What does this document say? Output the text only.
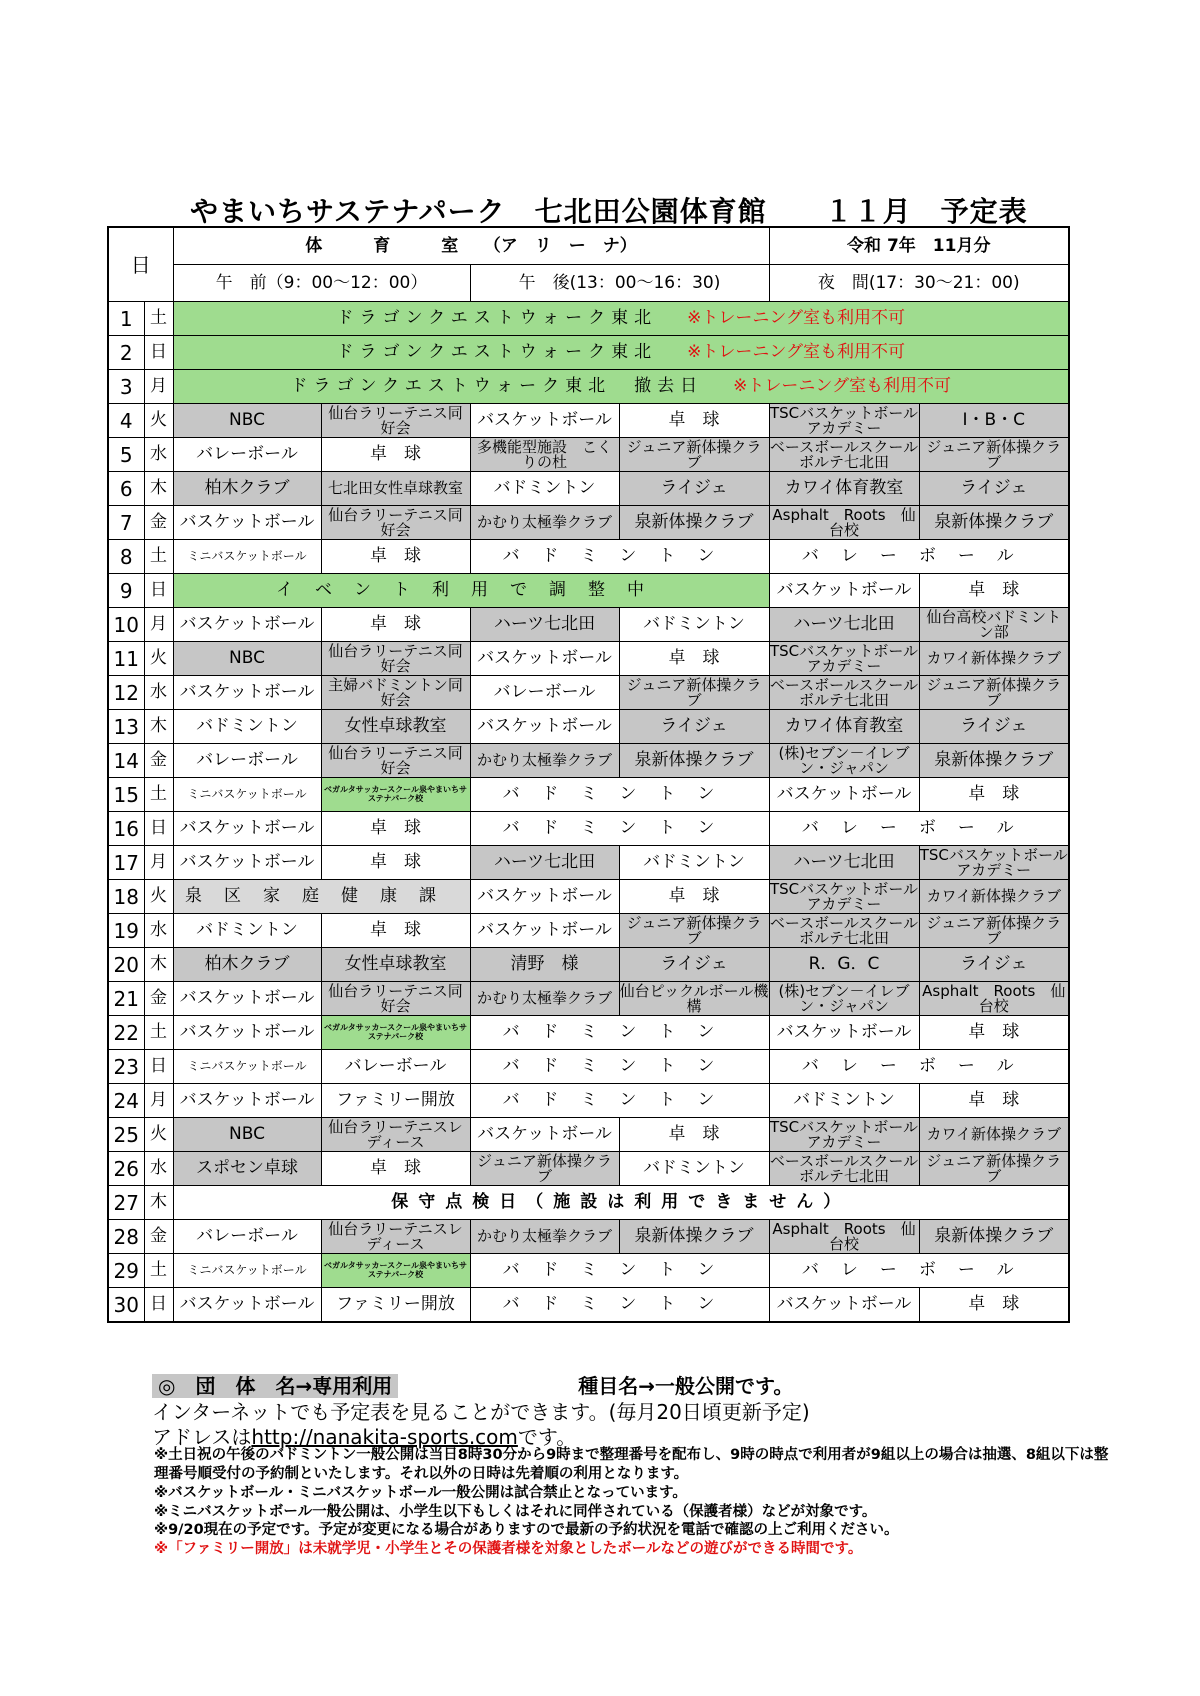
やまいちサステナパーク　七北田公園体育館　　１１月　予定表
日		体　　　育　　　室　　（ア　リ　ー　ナ）				令和 7年　11月分	
		午　前（9：00～12：00）		午　後(13：00～16：30)		夜　間(17：30～21：00)	
1	土	ドラゴンクエストウォーク東北 ※トレーニング室も利用不可					
2	日	ドラゴンクエストウォーク東北 ※トレーニング室も利用不可					
3	月	ドラゴンクエストウォーク東北　撤去日 ※トレーニング室も利用不可					
4	火	NBC	仙台ラリーテニス同好会	バスケットボール	卓　球	TSCバスケットボールアカデミー	I・B・C
5	水	バレーボール	卓　球	多機能型施設　こくりの杜	ジュニア新体操クラブ	ベースボールスクールボルテ七北田	ジュニア新体操クラブ
6	木	柏木クラブ	七北田女性卓球教室	バドミントン	ライジェ	カワイ体育教室	ライジェ
7	金	バスケットボール	仙台ラリーテニス同好会	かむり太極拳クラブ	泉新体操クラブ	Asphalt　Roots　仙台校	泉新体操クラブ
8	土	ミニバスケットボール	卓　球	バドミントン		バレーボール	
9	日	イベント利用で調整中				バスケットボール	卓　球
10	月	バスケットボール	卓　球	ハーツ七北田	バドミントン	ハーツ七北田	仙台高校バドミントン部
11	火	NBC	仙台ラリーテニス同好会	バスケットボール	卓　球	TSCバスケットボールアカデミー	カワイ新体操クラブ
12	水	バスケットボール	主婦バドミントン同好会	バレーボール	ジュニア新体操クラブ	ベースボールスクールボルテ七北田	ジュニア新体操クラブ
13	木	バドミントン	女性卓球教室	バスケットボール	ライジェ	カワイ体育教室	ライジェ
14	金	バレーボール	仙台ラリーテニス同好会	かむり太極拳クラブ	泉新体操クラブ	(株)セブン－イレブン・ジャパン	泉新体操クラブ
15	土	ミニバスケットボール	ベガルタサッカースクール泉やまいちサステナパーク校	バドミントン		バスケットボール	卓　球
16	日	バスケットボール	卓　球	バドミントン		バレーボール	
17	月	バスケットボール	卓　球	ハーツ七北田	バドミントン	ハーツ七北田	TSCバスケットボールアカデミー
18	火	泉区家庭健康課		バスケットボール	卓　球	TSCバスケットボールアカデミー	カワイ新体操クラブ
19	水	バドミントン	卓　球	バスケットボール	ジュニア新体操クラブ	ベースボールスクールボルテ七北田	ジュニア新体操クラブ
20	木	柏木クラブ	女性卓球教室	清野　様	ライジェ	R．G．C	ライジェ
21	金	バスケットボール	仙台ラリーテニス同好会	かむり太極拳クラブ	仙台ピックルボール機構	(株)セブン－イレブン・ジャパン	Asphalt　Roots　仙台校
22	土	バスケットボール	ベガルタサッカースクール泉やまいちサステナパーク校	バドミントン		バスケットボール	卓　球
23	日	ミニバスケットボール	バレーボール	バドミントン		バレーボール	
24	月	バスケットボール	ファミリー開放	バドミントン		バドミントン	卓　球
25	火	NBC	仙台ラリーテニスレディース	バスケットボール	卓　球	TSCバスケットボールアカデミー	カワイ新体操クラブ
26	水	スポセン卓球	卓　球	ジュニア新体操クラブ	バドミントン	ベースボールスクールボルテ七北田	ジュニア新体操クラブ
27	木	保守点検日（施設は利用できません）					
28	金	バレーボール	仙台ラリーテニスレディース	かむり太極拳クラブ	泉新体操クラブ	Asphalt　Roots　仙台校	泉新体操クラブ
29	土	ミニバスケットボール	ベガルタサッカースクール泉やまいちサステナパーク校	バドミントン		バレーボール	
30	日	バスケットボール	ファミリー開放	バドミントン		バスケットボール	卓　球
◎　団　体　名→専用利用　　　　　　　　　	種目名→一般公開です。
インターネットでも予定表を見ることができます。(毎月20日頃更新予定)
アドレスはhttp://nanakita-sports.comです。
※土日祝の午後のバドミントン一般公開は当日8時30分から9時まで整理番号を配布し、9時の時点で利用者が9組以上の場合は抽選、8組以下は整理番号順受付の予約制といたします。それ以外の日時は先着順の利用となります。
※バスケットボール・ミニバスケットボール一般公開は試合禁止となっています。
※ミニバスケットボール一般公開は、小学生以下もしくはそれに同伴されている（保護者様）などが対象です。
※9/20現在の予定です。予定が変更になる場合がありますので最新の予約状況を電話で確認の上ご利用ください。
※「ファミリー開放」は未就学児・小学生とその保護者様を対象としたボールなどの遊びができる時間です。
